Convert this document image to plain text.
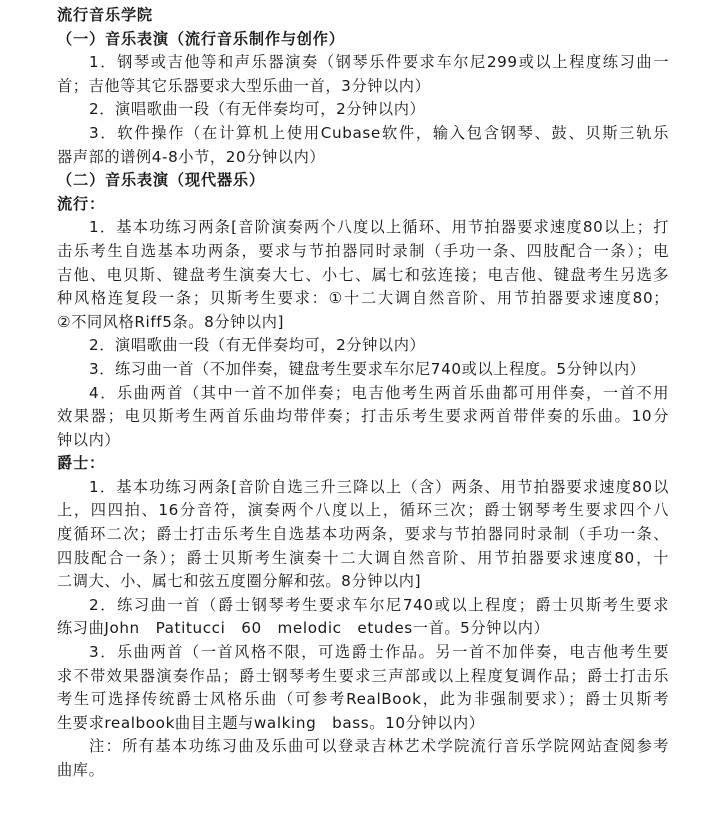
流行音乐学院
（一）音乐表演（流行音乐制作与创作）
1．钢琴或吉他等和声乐器演奏（钢琴乐件要求车尔尼299或以上程度练习曲一
首；吉他等其它乐器要求大型乐曲一首，3分钟以内）
2．演唱歌曲一段（有无伴奏均可，2分钟以内）
3．软件操作（在计算机上使用Cubase软件，输入包含钢琴、鼓、贝斯三轨乐
器声部的谱例4-8小节，20分钟以内）
（二）音乐表演（现代器乐）
流行：
1．基本功练习两条[音阶演奏两个八度以上循环、用节拍器要求速度80以上；打
击乐考生自选基本功两条，要求与节拍器同时录制（手功一条、四肢配合一条）；电
吉他、电贝斯、键盘考生演奏大七、小七、属七和弦连接；电吉他、键盘考生另选多
种风格连复段一条；贝斯考生要求：①十二大调自然音阶、用节拍器要求速度80；
②不同风格Riff5条。8分钟以内]
2．演唱歌曲一段（有无伴奏均可，2分钟以内）
3．练习曲一首（不加伴奏，键盘考生要求车尔尼740或以上程度。5分钟以内）
4．乐曲两首（其中一首不加伴奏；电吉他考生两首乐曲都可用伴奏，一首不用
效果器；电贝斯考生两首乐曲均带伴奏；打击乐考生要求两首带伴奏的乐曲。10分
钟以内）
爵士：
1．基本功练习两条[音阶自选三升三降以上（含）两条、用节拍器要求速度80以
上，四四拍、16分音符，演奏两个八度以上，循环三次；爵士钢琴考生要求四个八
度循环二次；爵士打击乐考生自选基本功两条，要求与节拍器同时录制（手功一条、
四肢配合一条）；爵士贝斯考生演奏十二大调自然音阶、用节拍器要求速度80，十
二调大、小、属七和弦五度圈分解和弦。8分钟以内]
2．练习曲一首（爵士钢琴考生要求车尔尼740或以上程度；爵士贝斯考生要求
练习曲John　Patitucci　60　melodic　etudes一首。5分钟以内）
3．乐曲两首（一首风格不限，可选爵士作品。另一首不加伴奏，电吉他考生要
求不带效果器演奏作品；爵士钢琴考生要求三声部或以上程度复调作品；爵士打击乐
考生可选择传统爵士风格乐曲（可参考RealBook，此为非强制要求）；爵士贝斯考
生要求realbook曲目主题与walking　bass。10分钟以内）
注：所有基本功练习曲及乐曲可以登录吉林艺术学院流行音乐学院网站查阅参考
曲库。
